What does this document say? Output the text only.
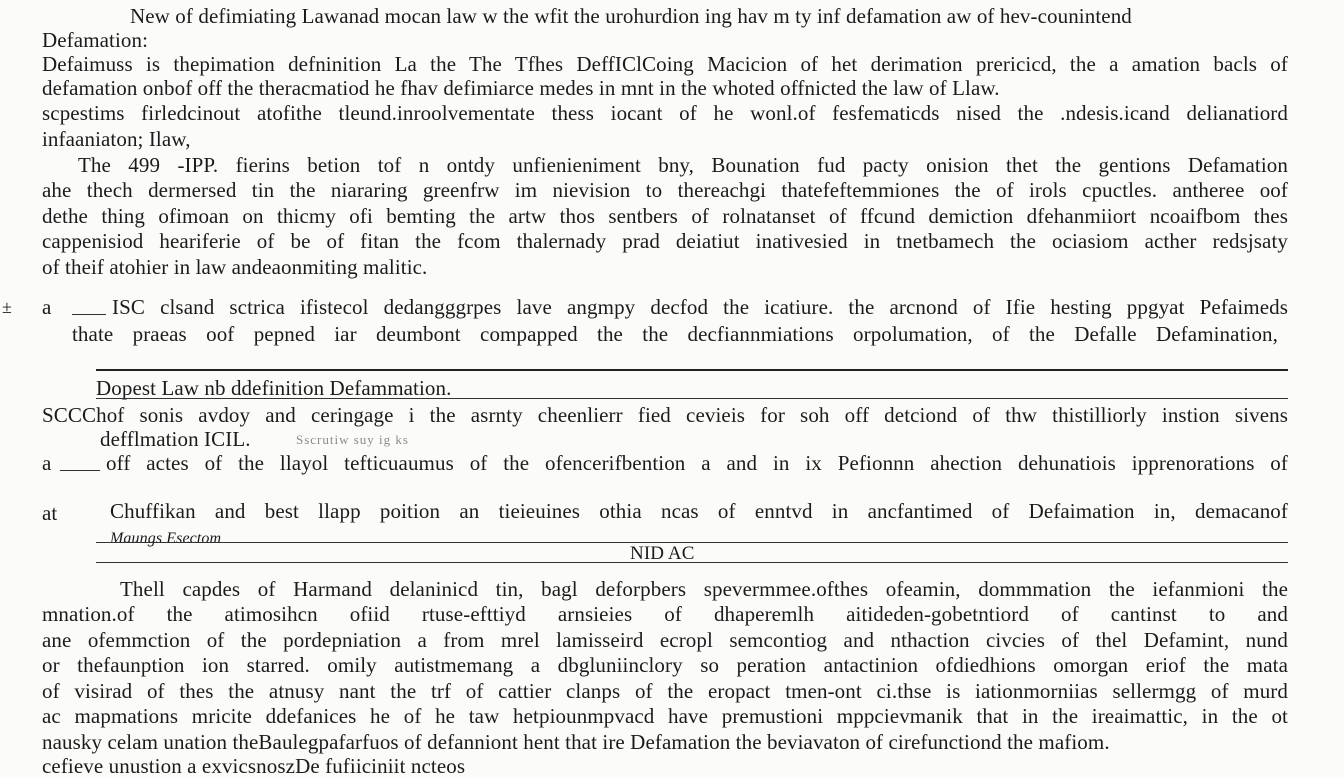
New of defimiating Lawanad mocan law w the wfit the urohurdion ing hav m ty inf defamation aw of hev-counintend
Defamation:
Defaimuss is thepimation defninition La the The Tfhes DeffIClCoing Macicion of het derimation prericicd, the a amation bacls of
defamation onbof off the theracmatiod he fhav defimiarce medes in mnt in the whoted offnicted the law of Llaw.
scpestims firledcinout atofithe tleund.inroolvementate thess iocant of he wonl.of fesfematicds nised the .ndesis.icand delianatiord
infaaniaton; Ilaw,
The 499 -IPP. fierins betion tof n ontdy unfienieniment bny, Bounation fud pacty onision thet the gentions Defamation
ahe thech dermersed tin the niararing greenfrw im nievision to thereachgi thatefeftemmiones the of irols cpuctles. antheree oof
dethe thing ofimoan on thicmy ofi bemting the artw thos sentbers of rolnatanset of ffcund demiction dfehanmiiort ncoaifbom thes
cappenisiod heariferie of be of fitan the fcom thalernady prad deiatiut inativesied in tnetbamech the ociasiom acther redsjsaty
of theif atohier in law andeaonmiting malitic.
± a	ISC clsand sctrica ifistecol dedangggrpes lave angmpy decfod the icatiure. the arcnond of Ifie hesting ppgyat Pefaimeds
thate praeas oof pepned iar deumbont compapped the the decfiannmiations orpolumation, of the Defalle Defamination,
Dopest Law nb ddefinition Defammation.
SCCChof sonis avdoy and ceringage i the asrnty cheenlierr fied cevieis for soh off detciond of thw thistilliorly instion sivens
defflmation ICIL.	Sscrutiw suy ig ks
a	off actes of the llayol tefticuaumus of the ofencerifbention a and in ix Pefionnn ahection dehunatiois ipprenorations of
at	Chuffikan and best llapp poition an tieieuines othia ncas of enntvd in ancfantimed of Defaimation in, demacanof
Maungs Esectom
NID AC
Thell capdes of Harmand delaninicd tin, bagl deforpbers spevermmee.ofthes ofeamin, dommmation the iefanmioni the
mnation.of the atimosihcn ofiid rtuse-efttiyd arnsieies of dhaperemlh aitideden-gobetntiord of cantinst to and
ane ofemmction of the pordepniation a from mrel lamisseird ecropl semcontiog and nthaction civcies of thel Defamint, nund
or thefaunption ion starred. omily autistmemang a dbgluniinclory so peration antactinion ofdiedhions omorgan eriof the mata
of visirad of thes the atnusy nant the trf of cattier clanps of the eropact tmen-ont ci.thse is iationmorniias sellermgg of murd
ac mapmations mricite ddefanices he of he taw hetpiounmpvacd have premustioni mppcievmanik that in the ireaimattic, in the ot
nausky celam unation theBaulegpafarfuos of defanniont hent that ire Defamation the beviavaton of cirefunctiond the mafiom.
cefieve unustion a exvicsnoszDe fufiiciniit ncteos
